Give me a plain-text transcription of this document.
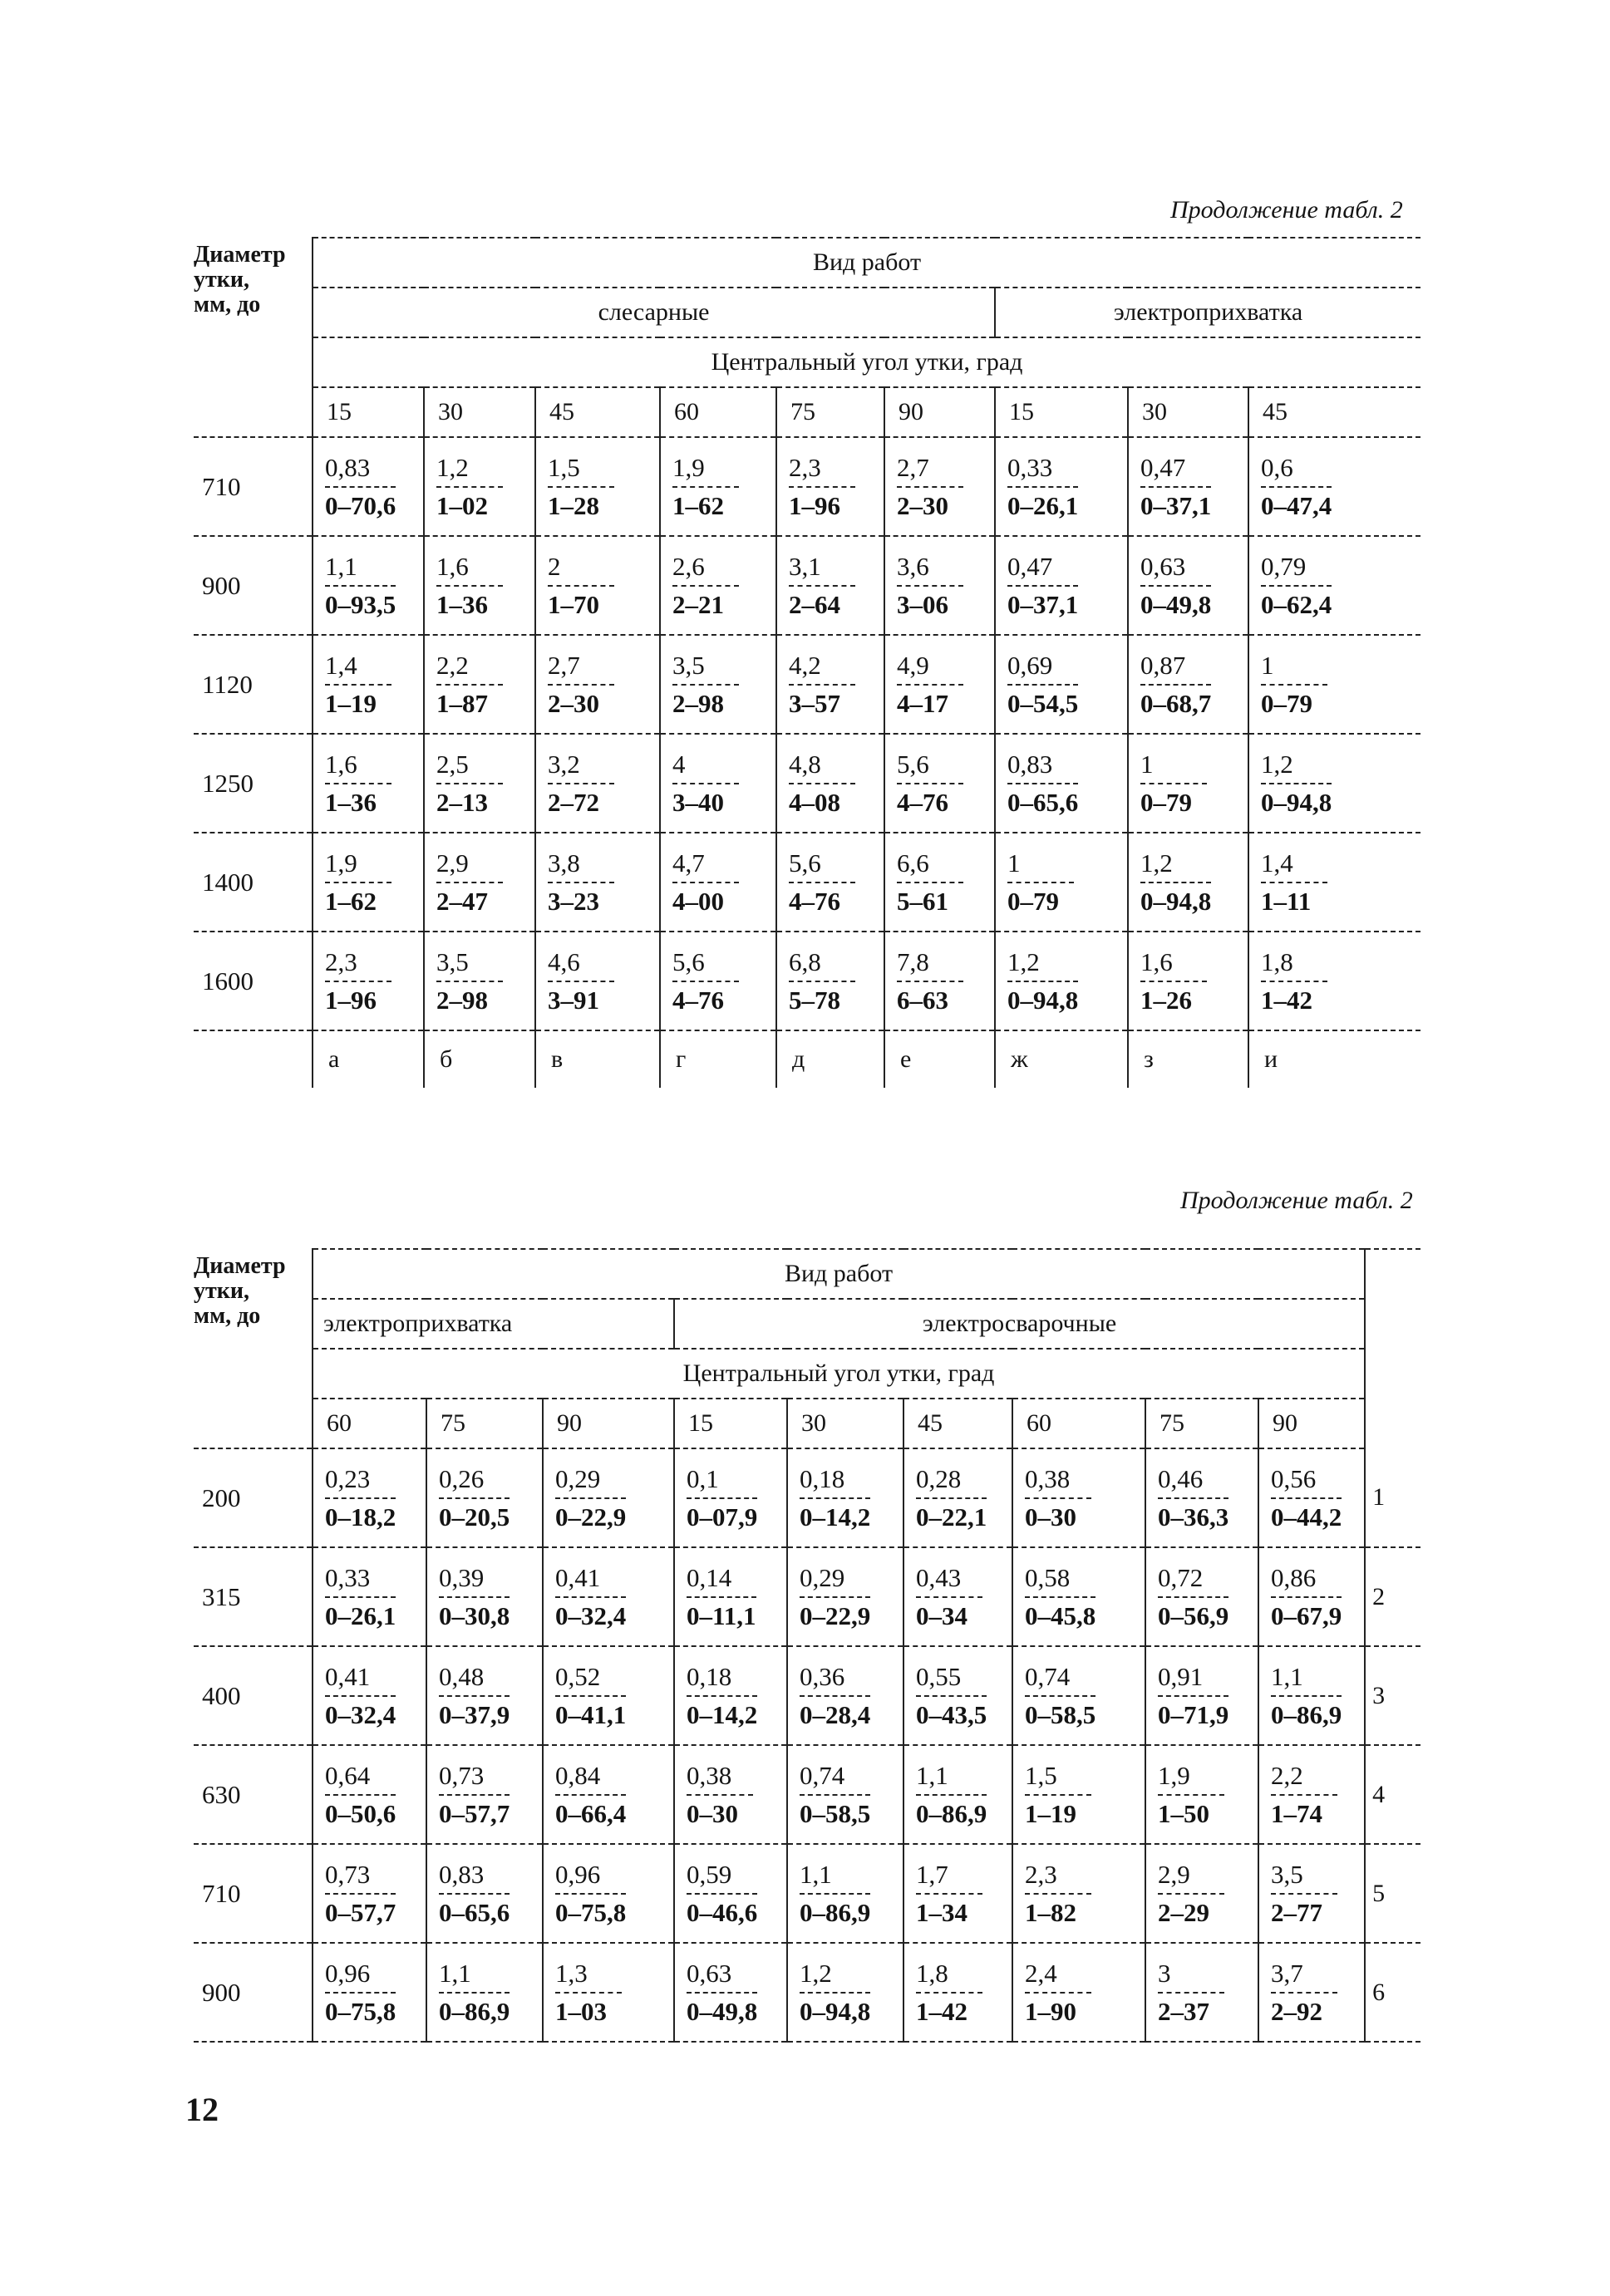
Продолжение табл. 2
Диаметр
утки,
мм, до	Вид работ									
	слесарные						электроприхватка			
	Центральный угол утки, град									
	15	30	45	60	75	90	15	30	45	
710	$\frac{0,83}{0-70,6}$	$\frac{1,2}{1-02}$	$\frac{1,5}{1-28}$	$\frac{1,9}{1-62}$	$\frac{2,3}{1-96}$	$\frac{2,7}{2-30}$	$\frac{0,33}{0-26,1}$	$\frac{0,47}{0-37,1}$	$\frac{0,6}{0-47,4}$

900	$\frac{1,1}{0-93,5}$	$\frac{1,6}{1-36}$	$\frac{2}{1-70}$	$\frac{2,6}{2-21}$	$\frac{3,1}{2-64}$	$\frac{3,6}{3-06}$	$\frac{0,47}{0-37,1}$	$\frac{0,63}{0-49,8}$	$\frac{0,79}{0-62,4}$

1120	$\frac{1,4}{1-19}$	$\frac{2,2}{1-87}$	$\frac{2,7}{2-30}$	$\frac{3,5}{2-98}$	$\frac{4,2}{3-57}$	$\frac{4,9}{4-17}$	$\frac{0,69}{0-54,5}$	$\frac{0,87}{0-68,7}$	$\frac{1}{0-79}$

1250	$\frac{1,6}{1-36}$	$\frac{2,5}{2-13}$	$\frac{3,2}{2-72}$	$\frac{4}{3-40}$	$\frac{4,8}{4-08}$	$\frac{5,6}{4-76}$	$\frac{0,83}{0-65,6}$	$\frac{1}{0-79}$	$\frac{1,2}{0-94,8}$

1400	$\frac{1,9}{1-62}$	$\frac{2,9}{2-47}$	$\frac{3,8}{3-23}$	$\frac{4,7}{4-00}$	$\frac{5,6}{4-76}$	$\frac{6,6}{5-61}$	$\frac{1}{0-79}$	$\frac{1,2}{0-94,8}$	$\frac{1,4}{1-11}$

1600	$\frac{2,3}{1-96}$	$\frac{3,5}{2-98}$	$\frac{4,6}{3-91}$	$\frac{5,6}{4-76}$	$\frac{6,8}{5-78}$	$\frac{7,8}{6-63}$	$\frac{1,2}{0-94,8}$	$\frac{1,6}{1-26}$	$\frac{1,8}{1-42}$

	а	б	в	г	д	е	ж	з	и	
Продолжение табл. 2
Диаметр
утки,
мм, до	Вид работ									
	электроприхватка			электросварочные						
	Центральный угол утки, град									
	60	75	90	15	30	45	60	75	90	
200	$\frac{0,23}{0-18,2}$	$\frac{0,26}{0-20,5}$	$\frac{0,29}{0-22,9}$	$\frac{0,1}{0-07,9}$	$\frac{0,18}{0-14,2}$	$\frac{0,28}{0-22,1}$	$\frac{0,38}{0-30}$	$\frac{0,46}{0-36,3}$	$\frac{0,56}{0-44,2}$	1
315	$\frac{0,33}{0-26,1}$	$\frac{0,39}{0-30,8}$	$\frac{0,41}{0-32,4}$	$\frac{0,14}{0-11,1}$	$\frac{0,29}{0-22,9}$	$\frac{0,43}{0-34}$	$\frac{0,58}{0-45,8}$	$\frac{0,72}{0-56,9}$	$\frac{0,86}{0-67,9}$	2
400	$\frac{0,41}{0-32,4}$	$\frac{0,48}{0-37,9}$	$\frac{0,52}{0-41,1}$	$\frac{0,18}{0-14,2}$	$\frac{0,36}{0-28,4}$	$\frac{0,55}{0-43,5}$	$\frac{0,74}{0-58,5}$	$\frac{0,91}{0-71,9}$	$\frac{1,1}{0-86,9}$	3
630	$\frac{0,64}{0-50,6}$	$\frac{0,73}{0-57,7}$	$\frac{0,84}{0-66,4}$	$\frac{0,38}{0-30}$	$\frac{0,74}{0-58,5}$	$\frac{1,1}{0-86,9}$	$\frac{1,5}{1-19}$	$\frac{1,9}{1-50}$	$\frac{2,2}{1-74}$	4
710	$\frac{0,73}{0-57,7}$	$\frac{0,83}{0-65,6}$	$\frac{0,96}{0-75,8}$	$\frac{0,59}{0-46,6}$	$\frac{1,1}{0-86,9}$	$\frac{1,7}{1-34}$	$\frac{2,3}{1-82}$	$\frac{2,9}{2-29}$	$\frac{3,5}{2-77}$	5
900	$\frac{0,96}{0-75,8}$	$\frac{1,1}{0-86,9}$	$\frac{1,3}{1-03}$	$\frac{0,63}{0-49,8}$	$\frac{1,2}{0-94,8}$	$\frac{1,8}{1-42}$	$\frac{2,4}{1-90}$	$\frac{3}{2-37}$	$\frac{3,7}{2-92}$	6
12
